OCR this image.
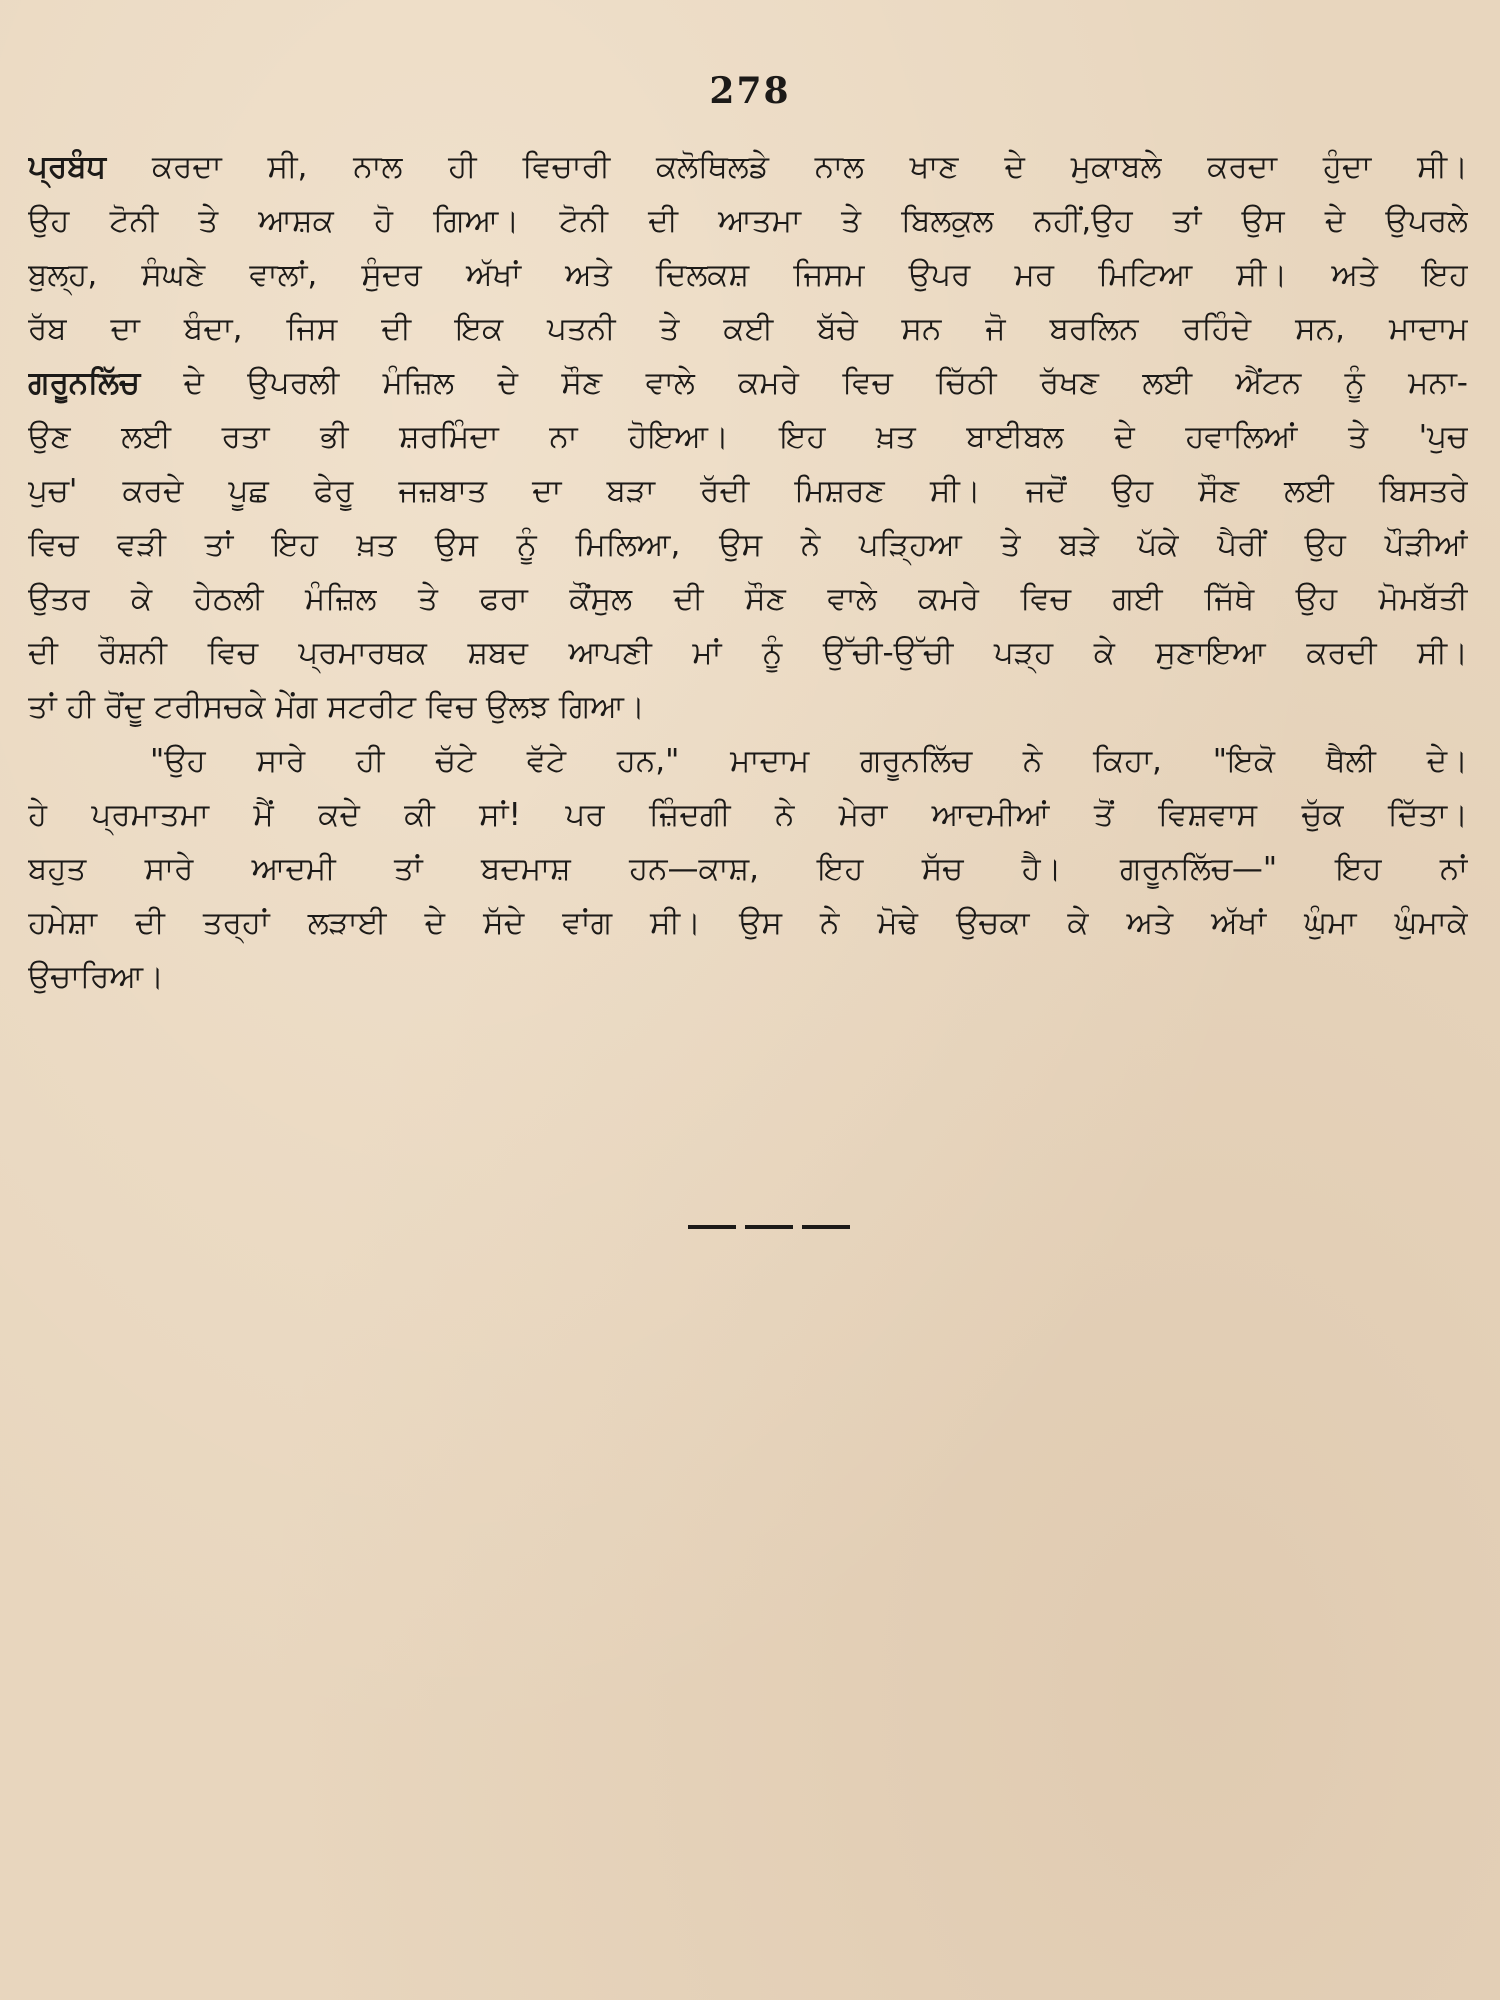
278
ਪ੍ਰਬੰਧ ਕਰਦਾ ਸੀ, ਨਾਲ ਹੀ ਵਿਚਾਰੀ ਕਲੋਥਿਲਡੇ ਨਾਲ ਖਾਣ ਦੇ ਮੁਕਾਬਲੇ ਕਰਦਾ ਹੁੰਦਾ ਸੀ।
ਉਹ ਟੋਨੀ ਤੇ ਆਸ਼ਕ ਹੋ ਗਿਆ। ਟੋਨੀ ਦੀ ਆਤਮਾ ਤੇ ਬਿਲਕੁਲ ਨਹੀਂ,ਉਹ ਤਾਂ ਉਸ ਦੇ ਉਪਰਲੇ
ਬੁਲ੍ਹ, ਸੰਘਣੇ ਵਾਲਾਂ, ਸੁੰਦਰ ਅੱਖਾਂ ਅਤੇ ਦਿਲਕਸ਼ ਜਿਸਮ ਉਪਰ ਮਰ ਮਿਟਿਆ ਸੀ। ਅਤੇ ਇਹ
ਰੱਬ ਦਾ ਬੰਦਾ, ਜਿਸ ਦੀ ਇਕ ਪਤਨੀ ਤੇ ਕਈ ਬੱਚੇ ਸਨ ਜੋ ਬਰਲਿਨ ਰਹਿੰਦੇ ਸਨ, ਮਾਦਾਮ
ਗਰੂਨਲਿੱਚ ਦੇ ਉਪਰਲੀ ਮੰਜ਼ਿਲ ਦੇ ਸੌਣ ਵਾਲੇ ਕਮਰੇ ਵਿਚ ਚਿੱਠੀ ਰੱਖਣ ਲਈ ਐਂਟਨ ਨੂੰ ਮਨਾ-
ਉਣ ਲਈ ਰਤਾ ਭੀ ਸ਼ਰਮਿੰਦਾ ਨਾ ਹੋਇਆ। ਇਹ ਖ਼ਤ ਬਾਈਬਲ ਦੇ ਹਵਾਲਿਆਂ ਤੇ 'ਪੁਚ
ਪੁਚ' ਕਰਦੇ ਪੂਛ ਫੇਰੂ ਜਜ਼ਬਾਤ ਦਾ ਬੜਾ ਰੱਦੀ ਮਿਸ਼ਰਣ ਸੀ। ਜਦੋਂ ਉਹ ਸੌਣ ਲਈ ਬਿਸਤਰੇ
ਵਿਚ ਵੜੀ ਤਾਂ ਇਹ ਖ਼ਤ ਉਸ ਨੂੰ ਮਿਲਿਆ, ਉਸ ਨੇ ਪੜ੍ਹਿਆ ਤੇ ਬੜੇ ਪੱਕੇ ਪੈਰੀਂ ਉਹ ਪੌੜੀਆਂ
ਉਤਰ ਕੇ ਹੇਠਲੀ ਮੰਜ਼ਿਲ ਤੇ ਫਰਾ ਕੌਂਸੁਲ ਦੀ ਸੌਣ ਵਾਲੇ ਕਮਰੇ ਵਿਚ ਗਈ ਜਿੱਥੇ ਉਹ ਮੋਮਬੱਤੀ
ਦੀ ਰੌਸ਼ਨੀ ਵਿਚ ਪ੍ਰਮਾਰਥਕ ਸ਼ਬਦ ਆਪਣੀ ਮਾਂ ਨੂੰ ਉੱਚੀ-ਉੱਚੀ ਪੜ੍ਹ ਕੇ ਸੁਣਾਇਆ ਕਰਦੀ ਸੀ।
ਤਾਂ ਹੀ ਰੋਂਦੂ ਟਰੀਸਚਕੇ ਮੇਂਗ ਸਟਰੀਟ ਵਿਚ ਉਲਝ ਗਿਆ।
"ਉਹ ਸਾਰੇ ਹੀ ਚੱਟੇ ਵੱਟੇ ਹਨ," ਮਾਦਾਮ ਗਰੂਨਲਿੱਚ ਨੇ ਕਿਹਾ, "ਇਕੋ ਥੈਲੀ ਦੇ।
ਹੇ ਪ੍ਰਮਾਤਮਾ ਮੈਂ ਕਦੇ ਕੀ ਸਾਂ! ਪਰ ਜ਼ਿੰਦਗੀ ਨੇ ਮੇਰਾ ਆਦਮੀਆਂ ਤੋਂ ਵਿਸ਼ਵਾਸ ਚੁੱਕ ਦਿੱਤਾ।
ਬਹੁਤ ਸਾਰੇ ਆਦਮੀ ਤਾਂ ਬਦਮਾਸ਼ ਹਨ—ਕਾਸ਼, ਇਹ ਸੱਚ ਹੈ। ਗਰੂਨਲਿੱਚ—" ਇਹ ਨਾਂ
ਹਮੇਸ਼ਾ ਦੀ ਤਰ੍ਹਾਂ ਲੜਾਈ ਦੇ ਸੱਦੇ ਵਾਂਗ ਸੀ। ਉਸ ਨੇ ਮੋਢੇ ਉਚਕਾ ਕੇ ਅਤੇ ਅੱਖਾਂ ਘੁੰਮਾ ਘੁੰਮਾਕੇ
ਉਚਾਰਿਆ।
